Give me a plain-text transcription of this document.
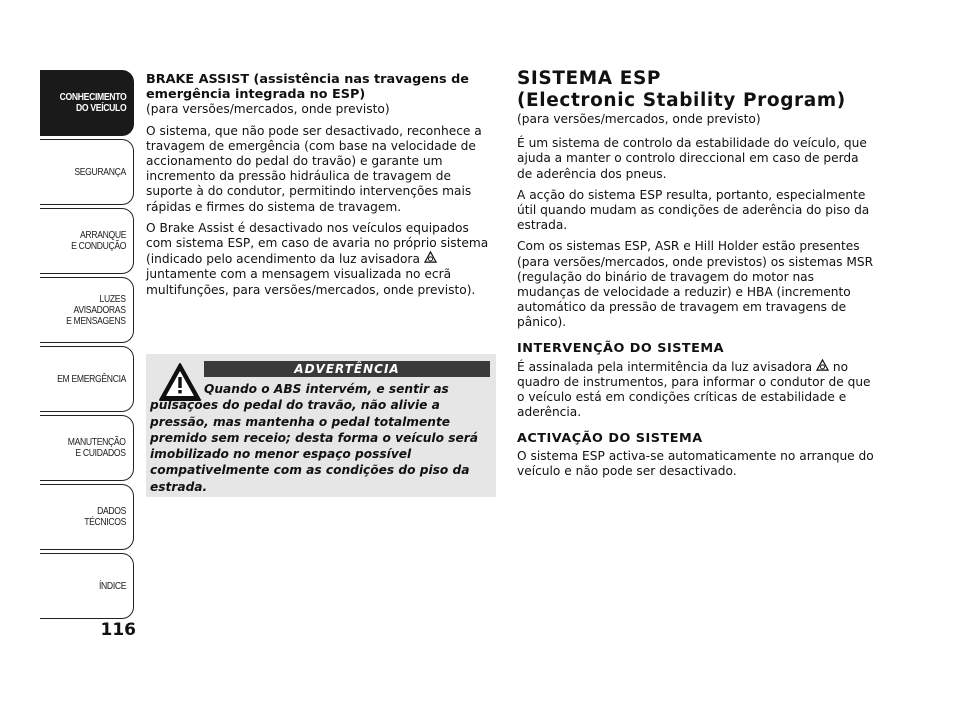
CONHECIMENTO
DO VEÍCULO
SEGURANÇA
ARRANQUE
E CONDUÇÃO
LUZES
AVISADORAS
E MENSAGENS
EM EMERGÊNCIA
MANUTENÇÃO
E CUIDADOS
DADOS
TÉCNICOS
ÍNDICE
116

BRAKE ASSIST (assistência nas travagens de emergência integrada no ESP)

(para versões/mercados, onde previsto)

O sistema, que não pode ser desactivado, reconhece a travagem de emergência (com base na velocidade de accionamento do pedal do travão) e garante um incremento da pressão hidráulica de travagem de suporte à do condutor, permitindo intervenções mais rápidas e firmes do sistema de travagem.

O Brake Assist é desactivado nos veículos equipados com sistema ESP, em caso de avaria no próprio sistema (indicado pelo acendimento da luz avisadora  juntamente com a mensagem visualizada no ecrã multifunções, para versões/mercados, onde previsto).

ADVERTÊNCIA
Quando o ABS intervém, e sentir as pulsações do pedal do travão, não alivie a pressão, mas mantenha o pedal totalmente premido sem receio; desta forma o veículo será imobilizado no menor espaço possível compativelmente com as condições do piso da estrada.

SISTEMA ESP

(Electronic Stability Program)

(para versões/mercados, onde previsto)

É um sistema de controlo da estabilidade do veículo, que ajuda a manter o controlo direccional em caso de perda de aderência dos pneus.

A acção do sistema ESP resulta, portanto, especialmente útil quando mudam as condições de aderência do piso da estrada.

Com os sistemas ESP, ASR e Hill Holder estão presentes (para versões/mercados, onde previstos) os sistemas MSR (regulação do binário de travagem do motor nas mudanças de velocidade a reduzir) e HBA (incremento automático da pressão de travagem em travagens de pânico).

INTERVENÇÃO DO SISTEMA

É assinalada pela intermitência da luz avisadora  no quadro de instrumentos, para informar o condutor de que o veículo está em condições críticas de estabilidade e aderência.

ACTIVAÇÃO DO SISTEMA

O sistema ESP activa-se automaticamente no arranque do veículo e não pode ser desactivado.
